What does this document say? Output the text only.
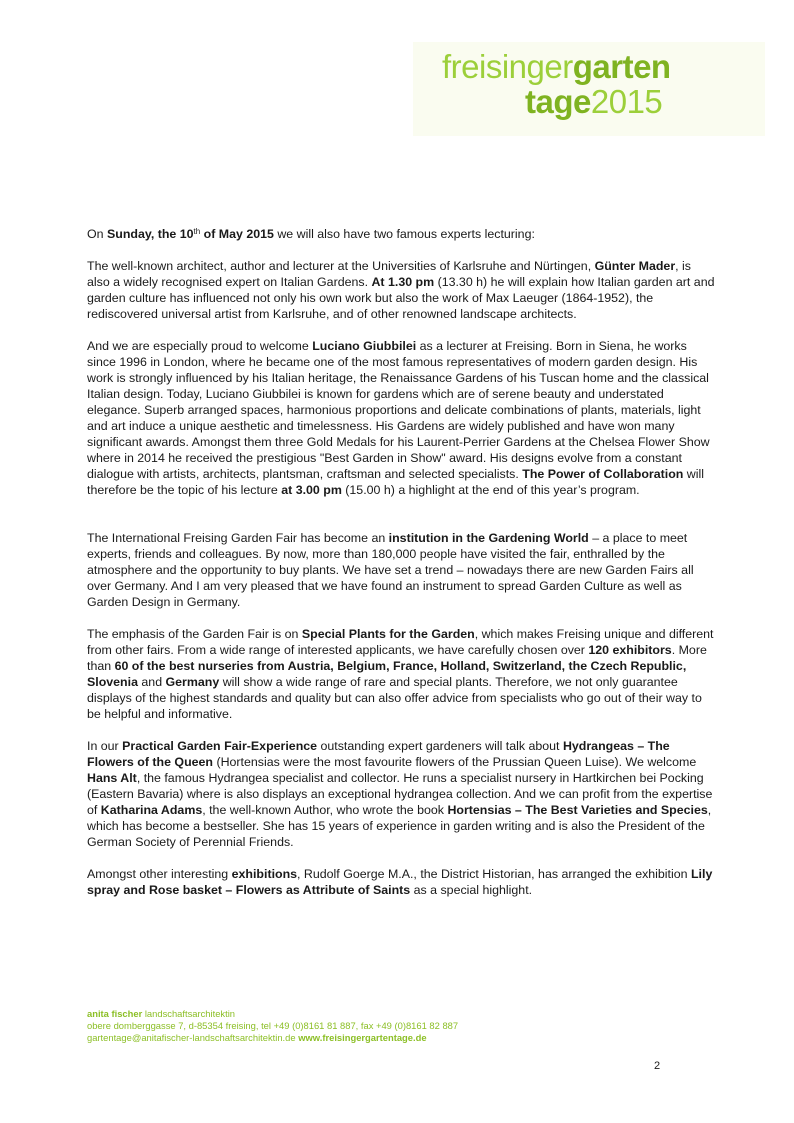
freisingergarten
tage2015

On Sunday, the 10th of May 2015 we will also have two famous experts lecturing:

The well-known architect, author and lecturer at the Universities of Karlsruhe and Nürtingen, Günter Mader, is also a widely recognised expert on Italian Gardens. At 1.30 pm (13.30 h) he will explain how Italian garden art and garden culture has influenced not only his own work but also the work of Max Laeuger (1864-1952), the rediscovered universal artist from Karlsruhe, and of other renowned landscape architects.

And we are especially proud to welcome Luciano Giubbilei as a lecturer at Freising. Born in Siena, he works since 1996 in London, where he became one of the most famous representatives of modern garden design. His work is strongly influenced by his Italian heritage, the Renaissance Gardens of his Tuscan home and the classical Italian design. Today, Luciano Giubbilei is known for gardens which are of serene beauty and understated elegance. Superb arranged spaces, harmonious proportions and delicate combinations of plants, materials, light and art induce a unique aesthetic and timelessness. His Gardens are widely published and have won many significant awards. Amongst them three Gold Medals for his Laurent-Perrier Gardens at the Chelsea Flower Show where in 2014 he received the prestigious "Best Garden in Show" award. His designs evolve from a constant dialogue with artists, architects, plantsman, craftsman and selected specialists. The Power of Collaboration will therefore be the topic of his lecture at 3.00 pm (15.00 h) a highlight at the end of this year’s program.

The International Freising Garden Fair has become an institution in the Gardening World – a place to meet experts, friends and colleagues. By now, more than 180,000 people have visited the fair, enthralled by the atmosphere and the opportunity to buy plants. We have set a trend – nowadays there are new Garden Fairs all over Germany. And I am very pleased that we have found an instrument to spread Garden Culture as well as Garden Design in Germany.

The emphasis of the Garden Fair is on Special Plants for the Garden, which makes Freising unique and different from other fairs. From a wide range of interested applicants, we have carefully chosen over 120 exhibitors. More than 60 of the best nurseries from Austria, Belgium, France, Holland, Switzerland, the Czech Republic, Slovenia and Germany will show a wide range of rare and special plants. Therefore, we not only guarantee displays of the highest standards and quality but can also offer advice from specialists who go out of their way to be helpful and informative.

In our Practical Garden Fair-Experience outstanding expert gardeners will talk about Hydrangeas – The Flowers of the Queen (Hortensias were the most favourite flowers of the Prussian Queen Luise). We welcome Hans Alt, the famous Hydrangea specialist and collector. He runs a specialist nursery in Hartkirchen bei Pocking (Eastern Bavaria) where is also displays an exceptional hydrangea collection. And we can profit from the expertise of Katharina Adams, the well-known Author, who wrote the book Hortensias – The Best Varieties and Species, which has become a bestseller. She has 15 years of experience in garden writing and is also the President of the German Society of Perennial Friends.

Amongst other interesting exhibitions, Rudolf Goerge M.A., the District Historian, has arranged the exhibition Lily spray and Rose basket – Flowers as Attribute of Saints as a special highlight.

anita fischer landschaftsarchitektin
obere domberggasse 7, d-85354 freising, tel +49 (0)8161 81 887, fax +49 (0)8161 82 887
gartentage@anitafischer-landschaftsarchitektin.de www.freisingergartentage.de
2
